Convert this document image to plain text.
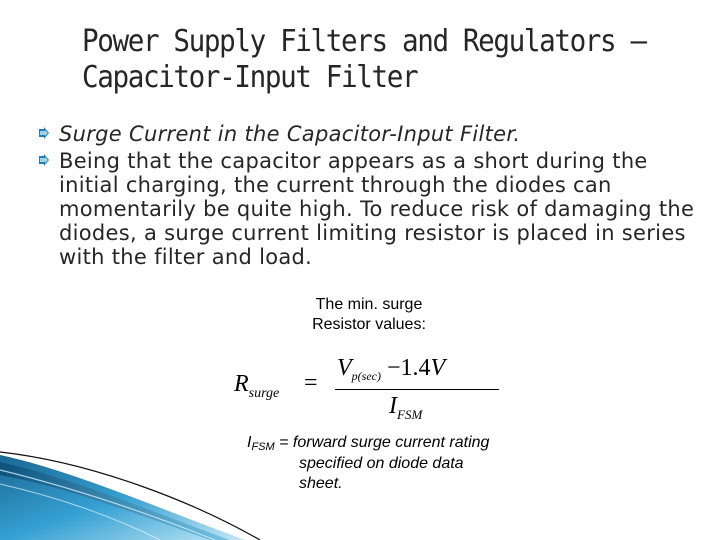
Power Supply Filters and Regulators –
Capacitor-Input Filter
Surge Current in the Capacitor-Input Filter.
Being that the capacitor appears as a short during the initial charging, the current through the diodes can momentarily be quite high. To reduce risk of damaging the diodes, a surge current limiting resistor is placed in series with the filter and load.
The min. surge
Resistor values:
$R_{surge}$ =
$V_{p(sec)} -1.4V$
$I_{FSM}$
IFSM = forward surge current rating
specified on diode data
sheet.
